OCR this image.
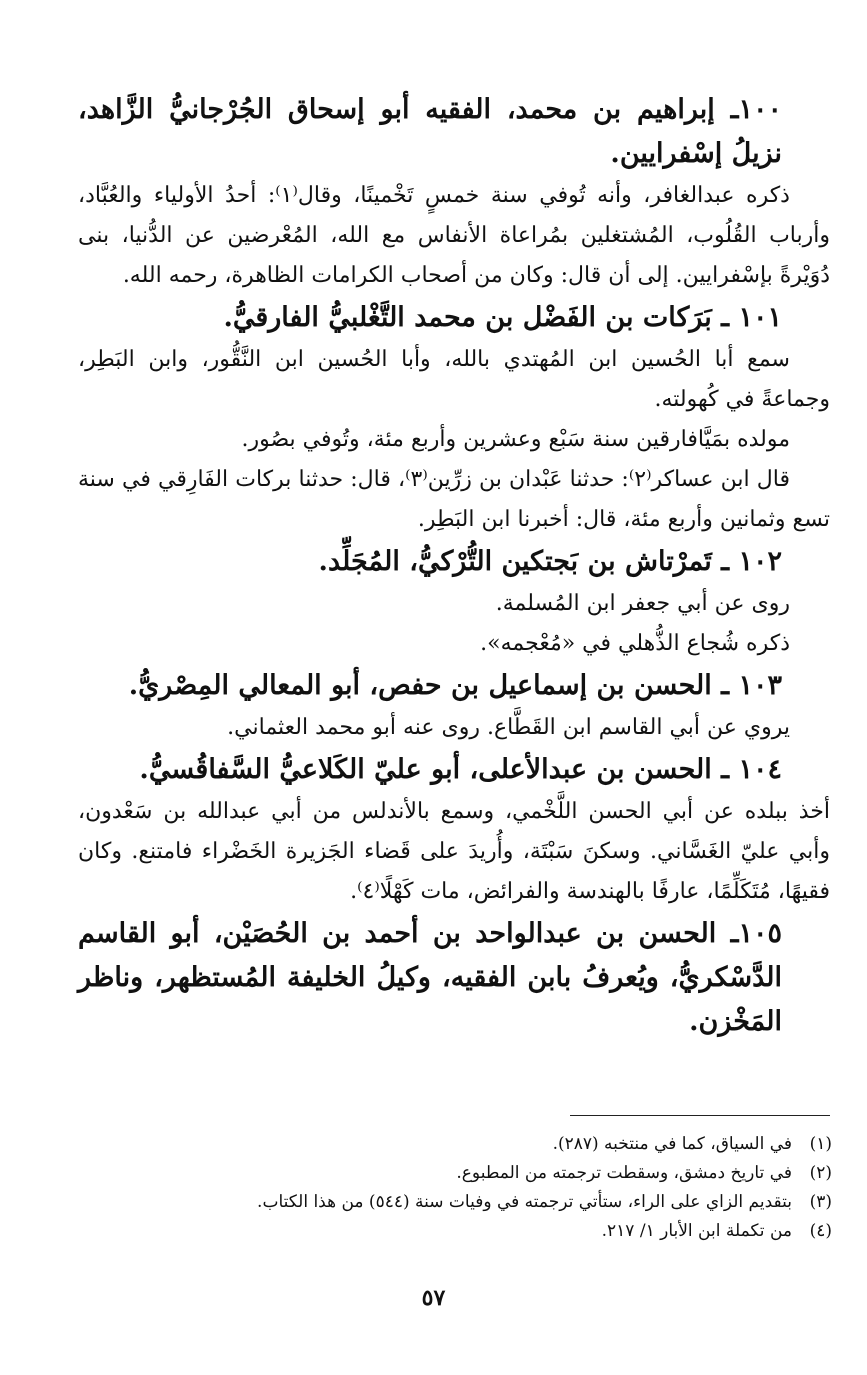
١٠٠ـ إبراهيم بن محمد، الفقيه أبو إسحاق الجُرْجانيُّ الزَّاهد، نزيلُ إسْفرايين.

ذكره عبدالغافر، وأنه تُوفي سنة خمسٍ تَخْمينًا، وقال⁽١⁾: أحدُ الأولياء والعُبَّاد، وأرباب القُلُوب، المُشتغلين بمُراعاة الأنفاس مع الله، المُعْرضين عن الدُّنيا، بنى دُوَيْرةً بإسْفرايين. إلى أن قال: وكان من أصحاب الكرامات الظاهرة، رحمه الله.

١٠١ ـ بَرَكات بن الفَضْل بن محمد التَّغْلبيُّ الفارقيُّ.

سمع أبا الحُسين ابن المُهتدي بالله، وأبا الحُسين ابن النَّقُّور، وابن البَطِر، وجماعةً في كُهولته.

مولده بمَيَّافارقين سنة سَبْع وعشرين وأربع مئة، وتُوفي بصُور.

قال ابن عساكر⁽٢⁾: حدثنا عَبْدان بن زرِّين⁽٣⁾، قال: حدثنا بركات الفَارِقي في سنة تسع وثمانين وأربع مئة، قال: أخبرنا ابن البَطِر.

١٠٢ ـ تَمرْتاش بن بَجتكين التُّرْكيُّ، المُجَلِّد.

روى عن أبي جعفر ابن المُسلمة.

ذكره شُجاع الذُّهلي في «مُعْجمه».

١٠٣ ـ الحسن بن إسماعيل بن حفص، أبو المعالي المِصْريُّ.

يروي عن أبي القاسم ابن القَطَّاع. روى عنه أبو محمد العثماني.

١٠٤ ـ الحسن بن عبدالأعلى، أبو عليّ الكَلاعيُّ السَّفاقُسيُّ.

أخذ ببلده عن أبي الحسن اللَّخْمي، وسمع بالأندلس من أبي عبدالله بن سَعْدون، وأبي عليّ الغَسَّاني. وسكنَ سَبْتَة، وأُريدَ على قَضاء الجَزيرة الخَضْراء فامتنع. وكان فقيهًا، مُتَكَلِّمًا، عارفًا بالهندسة والفرائض، مات كَهْلًا⁽٤⁾.

١٠٥ـ الحسن بن عبدالواحد بن أحمد بن الحُصَيْن، أبو القاسم الدَّسْكريُّ، ويُعرفُ بابن الفقيه، وكيلُ الخليفة المُستظهر، وناظر المَخْزن.

(١)
في السياق، كما في منتخبه (٢٨٧).
(٢)
في تاريخ دمشق، وسقطت ترجمته من المطبوع.
(٣)
بتقديم الزاي على الراء، ستأتي ترجمته في وفيات سنة (٥٤٤) من هذا الكتاب.
(٤)
من تكملة ابن الأبار ١/ ٢١٧.
٥٧
